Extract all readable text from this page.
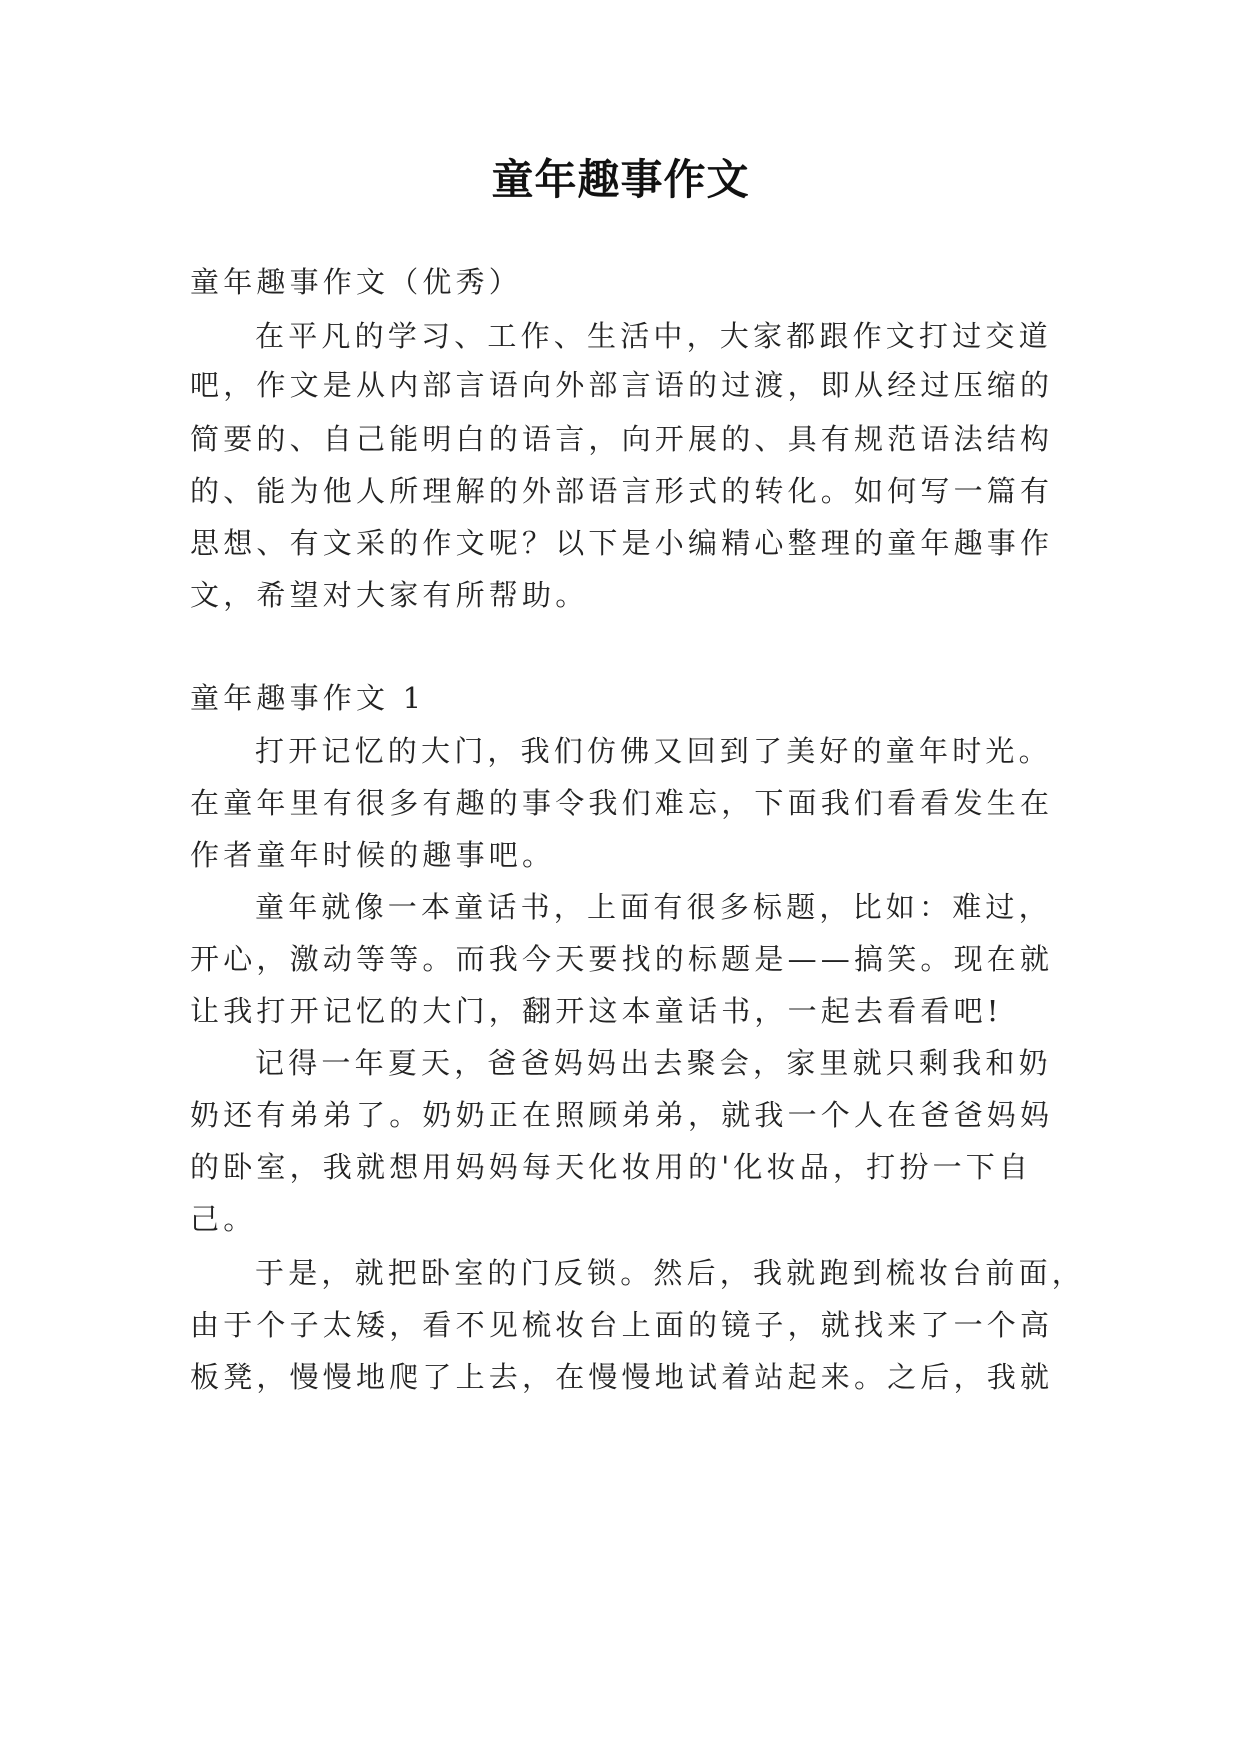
童年趣事作文
童年趣事作文（优秀）
在平凡的学习、工作、生活中，大家都跟作文打过交道
吧，作文是从内部言语向外部言语的过渡，即从经过压缩的
简要的、自己能明白的语言，向开展的、具有规范语法结构
的、能为他人所理解的外部语言形式的转化。如何写一篇有
思想、有文采的作文呢？以下是小编精心整理的童年趣事作
文，希望对大家有所帮助。
童年趣事作文 1
打开记忆的大门，我们仿佛又回到了美好的童年时光。
在童年里有很多有趣的事令我们难忘，下面我们看看发生在
作者童年时候的趣事吧。
童年就像一本童话书，上面有很多标题，比如：难过，
开心，激动等等。而我今天要找的标题是——搞笑。现在就
让我打开记忆的大门，翻开这本童话书，一起去看看吧!
记得一年夏天，爸爸妈妈出去聚会，家里就只剩我和奶
奶还有弟弟了。奶奶正在照顾弟弟，就我一个人在爸爸妈妈
的卧室，我就想用妈妈每天化妆用的'化妆品，打扮一下自
己。
于是，就把卧室的门反锁。然后，我就跑到梳妆台前面，
由于个子太矮，看不见梳妆台上面的镜子，就找来了一个高
板凳，慢慢地爬了上去，在慢慢地试着站起来。之后，我就
